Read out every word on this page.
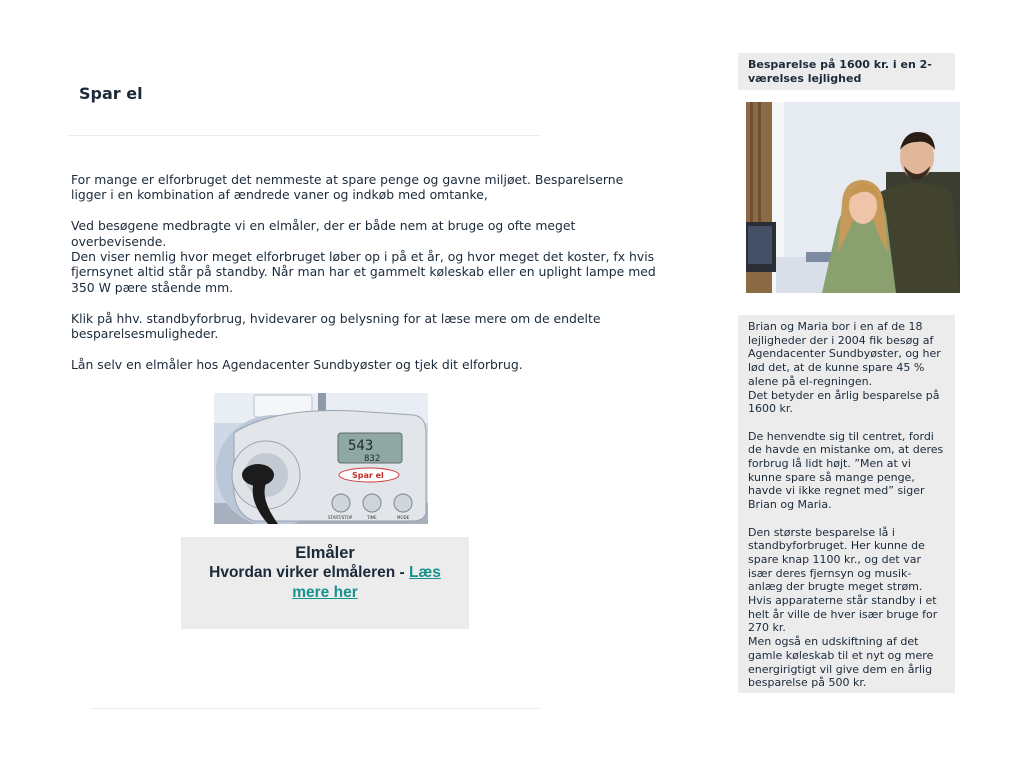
Spar el

For mange er elforbruget det nemmeste at spare penge og gavne miljøet. Besparelserne ligger i en kombination af ændrede vaner og indkøb med omtanke,

Ved besøgene medbragte vi en elmåler, der er både nem at bruge og ofte meget overbevisende.

Den viser nemlig hvor meget elforbruget løber op i på et år, og hvor meget det koster, fx hvis fjernsynet altid står på standby. Når man har et gammelt køleskab eller en uplight lampe med 350 W pære stående mm.

Klik på hhv. standbyforbrug, hvidevarer og belysning for at læse mere om de endelte besparelsesmuligheder.

Lån selv en elmåler hos Agendacenter Sundbyøster og tjek dit elforbrug.

543
832
Spar el
START/STOP	TIME	MODE
Elmåler
Hvordan virker elmåleren - Læs mere her
Besparelse på 1600 kr. i en 2-værelses lejlighed

Brian og Maria bor i en af de 18 lejligheder der i 2004 fik besøg af Agendacenter Sundbyøster, og her lød det, at de kunne spare 45 % alene på el-regningen.

Det betyder en årlig besparelse på 1600 kr.

De henvendte sig til centret, fordi de havde en mistanke om, at deres forbrug lå lidt højt. ”Men at vi kunne spare så mange penge, havde vi ikke regnet med” siger Brian og Maria.

Den største besparelse lå i standbyforbruget. Her kunne de spare knap 1100 kr., og det var især deres fjernsyn og musik-anlæg der brugte meget strøm. Hvis apparaterne står standby i et helt år ville de hver især bruge for 270 kr.

Men også en udskiftning af det gamle køleskab til et nyt og mere energirigtigt vil give dem en årlig besparelse på 500 kr.
